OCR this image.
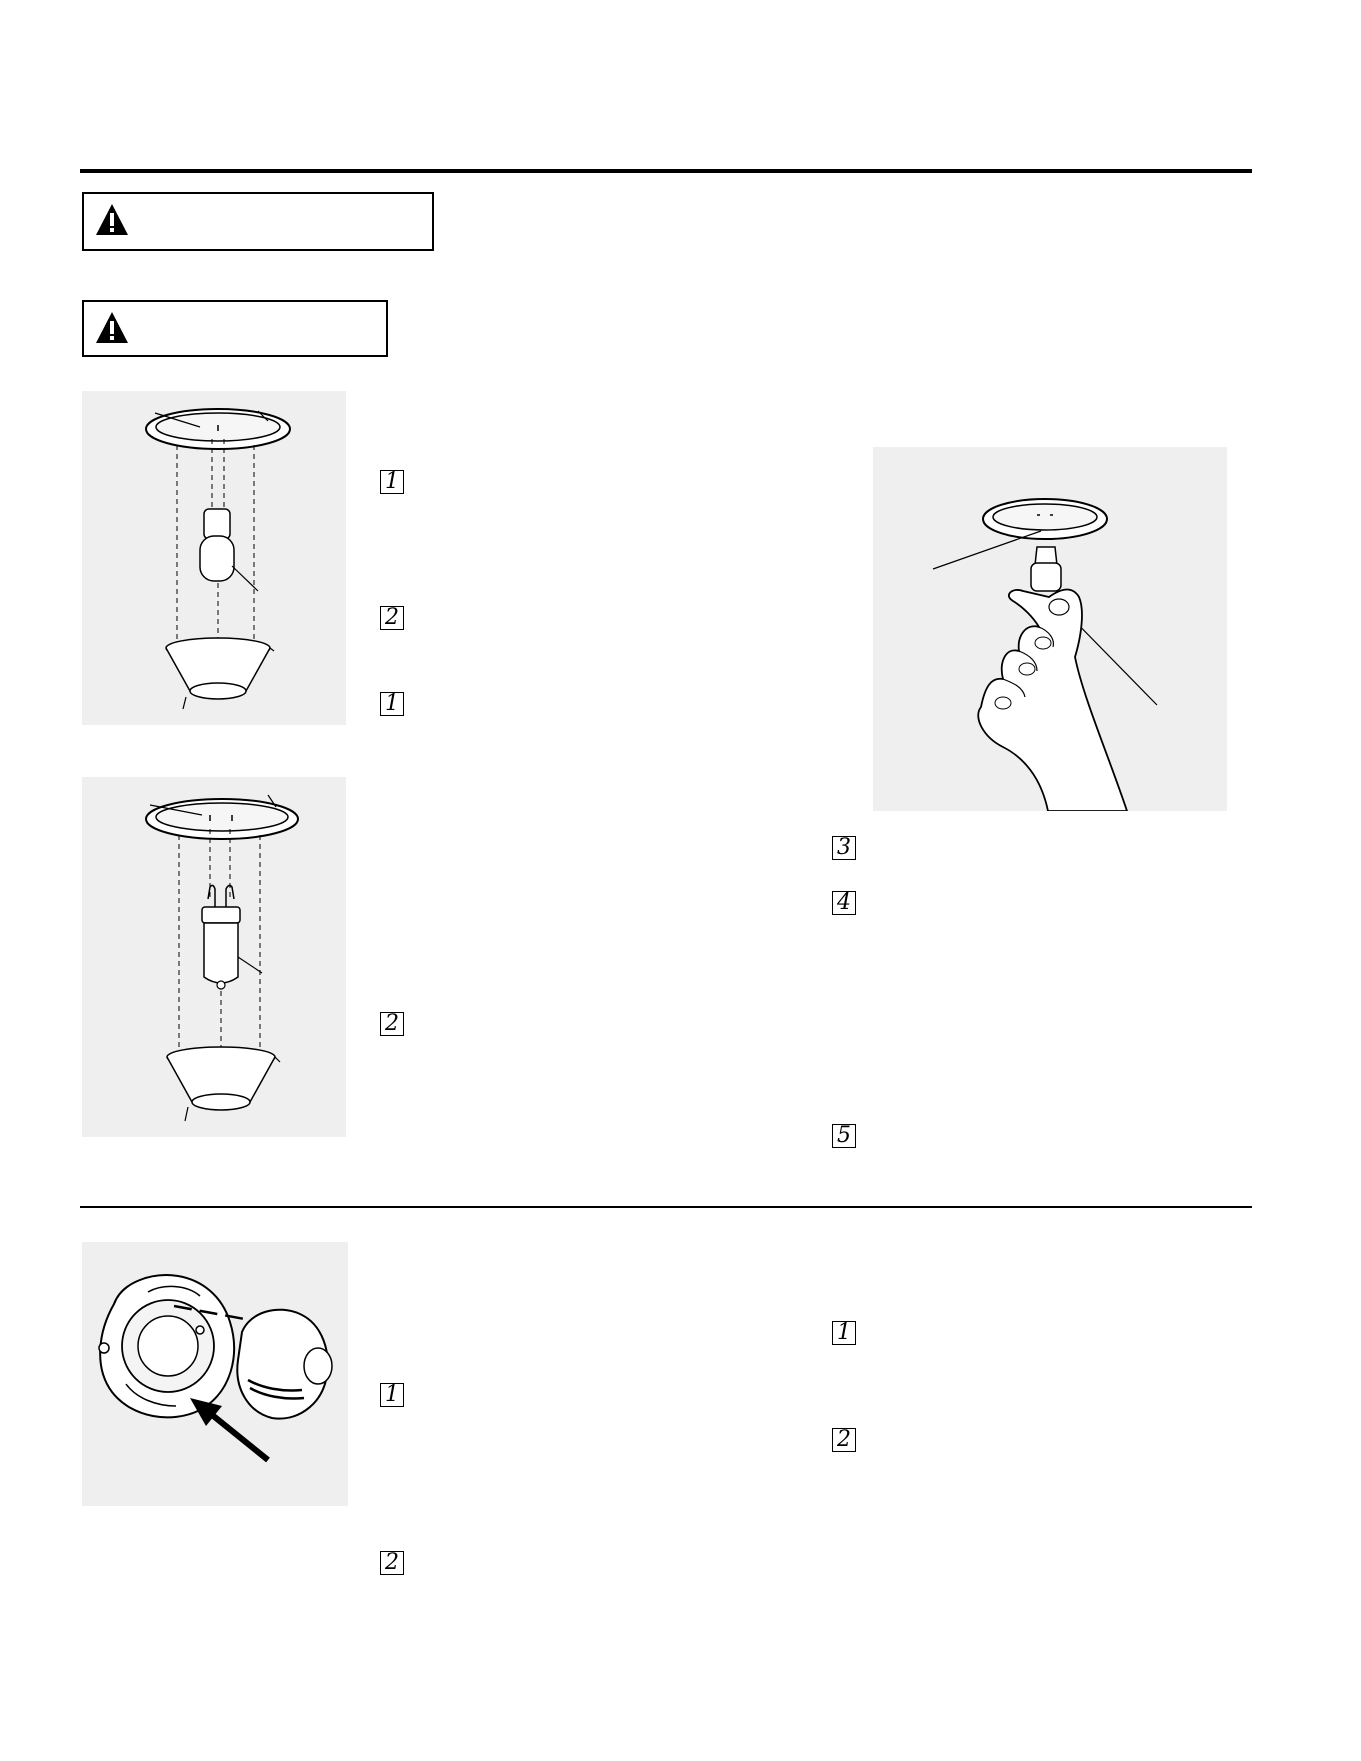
1
2
1
2
1
2
3
4
5
1
2
